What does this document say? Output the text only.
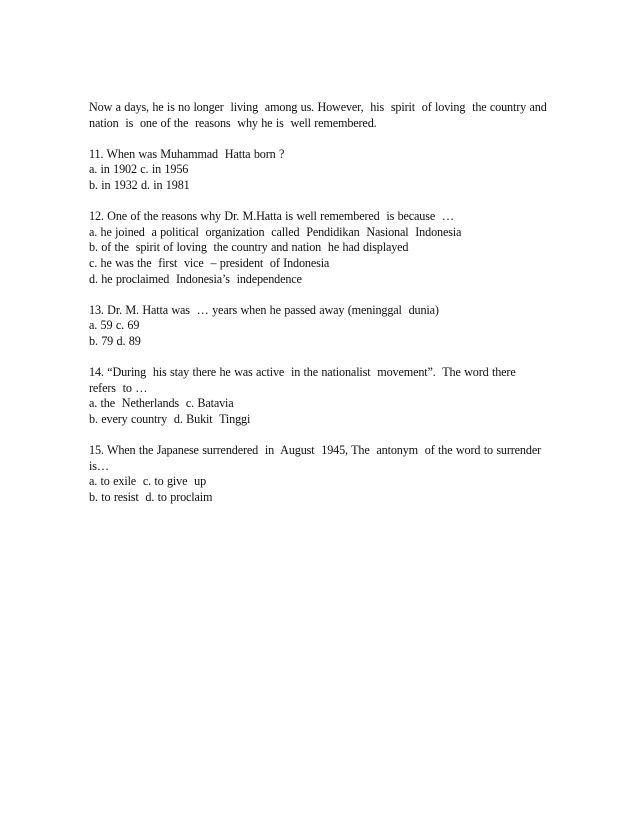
Now a days, he is no longer  living  among us. However,  his  spirit  of loving  the country and
nation  is  one of the  reasons  why he is  well remembered.
11. When was Muhammad  Hatta born ?
a. in 1902 c. in 1956
b. in 1932 d. in 1981
12. One of the reasons why Dr. M.Hatta is well remembered  is because  …
a. he joined  a political  organization  called  Pendidikan  Nasional  Indonesia
b. of the  spirit of loving  the country and nation  he had displayed
c. he was the  first  vice  – president  of Indonesia
d. he proclaimed  Indonesia’s  independence
13. Dr. M. Hatta was  … years when he passed away (meninggal  dunia)
a. 59 c. 69
b. 79 d. 89
14. “During  his stay there he was active  in the nationalist  movement”.  The word there
refers  to …
a. the  Netherlands  c. Batavia
b. every country  d. Bukit  Tinggi
15. When the Japanese surrendered  in  August  1945, The  antonym  of the word to surrender
is…
a. to exile  c. to give  up
b. to resist  d. to proclaim
